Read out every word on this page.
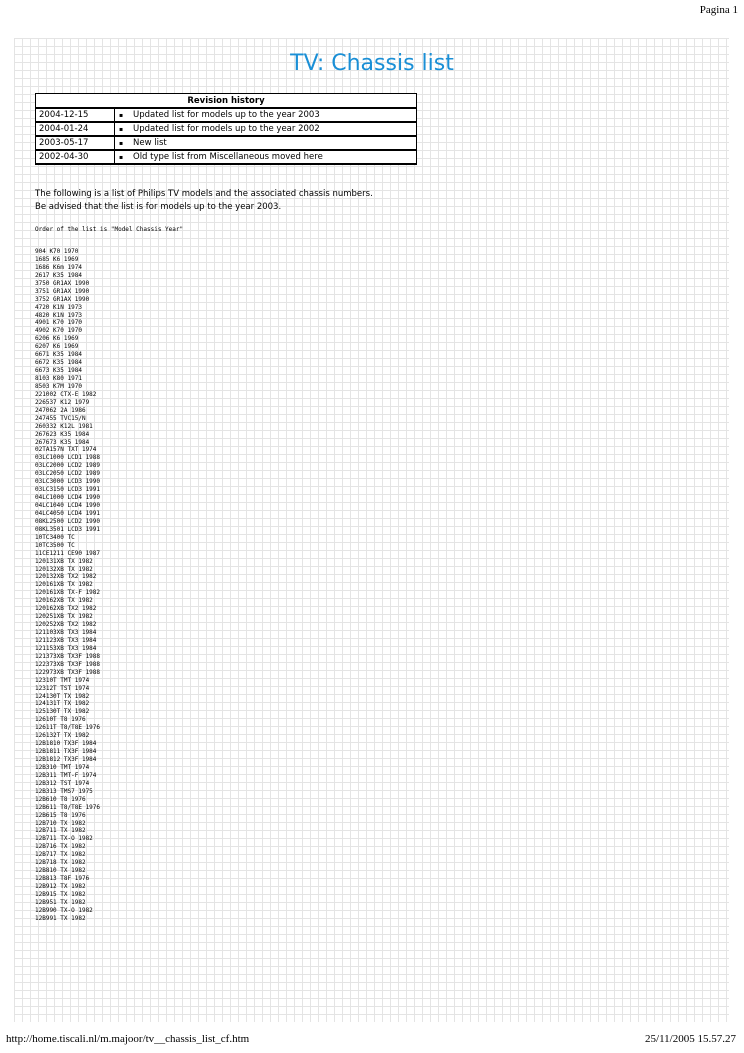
Pagina 1
TV: Chassis list
Revision history		
2004-12-15	▪	Updated list for models up to the year 2003
2004-01-24	▪	Updated list for models up to the year 2002
2003-05-17	▪	New list
2002-04-30	▪	Old type list from Miscellaneous moved here
The following is a list of Philips TV models and the associated chassis numbers.
Be advised that the list is for models up to the year 2003.
Order of the list is "Model Chassis Year"
904 K70 1970
1685 K6 1969
1686 K6m 1974
2617 K35 1984
3750 GR1AX 1990
3751 GR1AX 1990
3752 GR1AX 1990
4720 K1N 1973
4820 K1N 1973
4901 K70 1970
4902 K70 1970
6206 K6 1969
6207 K6 1969
6671 K35 1984
6672 K35 1984
6673 K35 1984
8103 K80 1971
8503 K7M 1970
221002 CTX-E 1982
226537 K12 1979
247062 2A 1986
247455 TVC15/N
260332 K12L 1981
267623 K35 1984
267673 K35 1984
02TA157N TXT 1974
03LC1000 LCD1 1988
03LC2000 LCD2 1989
03LC2050 LCD2 1989
03LC3000 LCD3 1990
03LC3150 LCD3 1991
04LC1000 LCD4 1990
04LC1040 LCD4 1990
04LC4050 LCD4 1991
08KL2500 LCD2 1990
08KL3501 LCD3 1991
10TC3400 TC
10TC3500 TC
11CE1211 CE90 1987
120131XB TX 1982
120132XB TX 1982
120132XB TX2 1982
120161XB TX 1982
120161XB TX-F 1982
120162XB TX 1982
120162XB TX2 1982
120251XB TX 1982
120252XB TX2 1982
121103XB TX3 1984
121123XB TX3 1984
121153XB TX3 1984
121373XB TX3F 1988
122373XB TX3F 1988
122973XB TX3F 1988
12310T TMT 1974
12312T TST 1974
124130T TX 1982
124131T TX 1982
125130T TX 1982
12610T T8 1976
12611T T8/T8E 1976
126132T TX 1982
12B1810 TX3F 1984
12B1811 TX3F 1984
12B1812 TX3F 1984
12B310 TMT 1974
12B311 TMT-F 1974
12B312 TST 1974
12B313 TMS7 1975
12B610 T8 1976
12B611 T8/T8E 1976
12B615 T8 1976
12B710 TX 1982
12B711 TX 1982
12B711 TX-O 1982
12B716 TX 1982
12B717 TX 1982
12B718 TX 1982
12B810 TX 1982
12B813 T8F 1976
12B912 TX 1982
12B915 TX 1982
12B951 TX 1982
12B990 TX-O 1982
12B991 TX 1982
http://home.tiscali.nl/m.majoor/tv__chassis_list_cf.htm	25/11/2005 15.57.27
